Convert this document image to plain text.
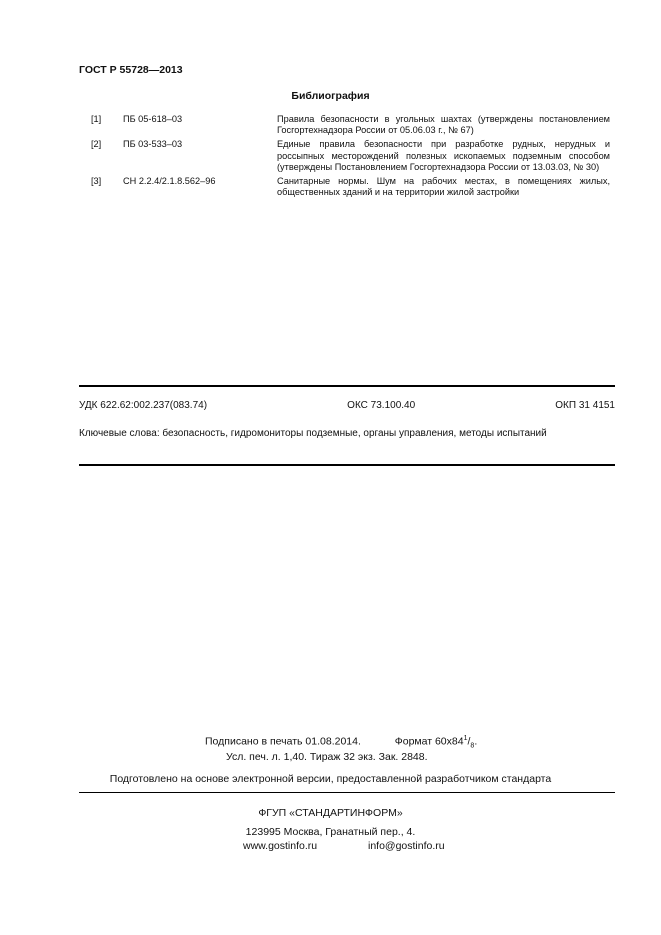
ГОСТ Р 55728—2013
Библиография
[1]	ПБ 05-618–03	Правила безопасности в угольных шахтах (утверждены постановлением Госгортехнадзора России от 05.06.03 г., № 67)
[2]	ПБ 03-533–03	Единые правила безопасности при разработке рудных, нерудных и россыпных месторождений полезных ископаемых подземным способом (утверждены Постановлением Госгортехнадзора России от 13.03.03, № 30)
[3]	СН 2.2.4/2.1.8.562–96	Санитарные нормы. Шум на рабочих местах, в помещениях жилых, общественных зданий и на территории жилой застройки
УДК 622.62:002.237(083.74)	ОКС 73.100.40	ОКП 31 4151
Ключевые слова: безопасность, гидромониторы подземные, органы управления, методы испытаний
Подписано в печать 01.08.2014.	Формат $60х84^1/_8$.
Усл. печ. л. 1,40. Тираж 32 экз. Зак. 2848.
Подготовлено на основе электронной версии, предоставленной разработчиком стандарта
ФГУП «СТАНДАРТИНФОРМ»
123995 Москва, Гранатный пер., 4.
www.gostinfo.ru	info@gostinfo.ru
